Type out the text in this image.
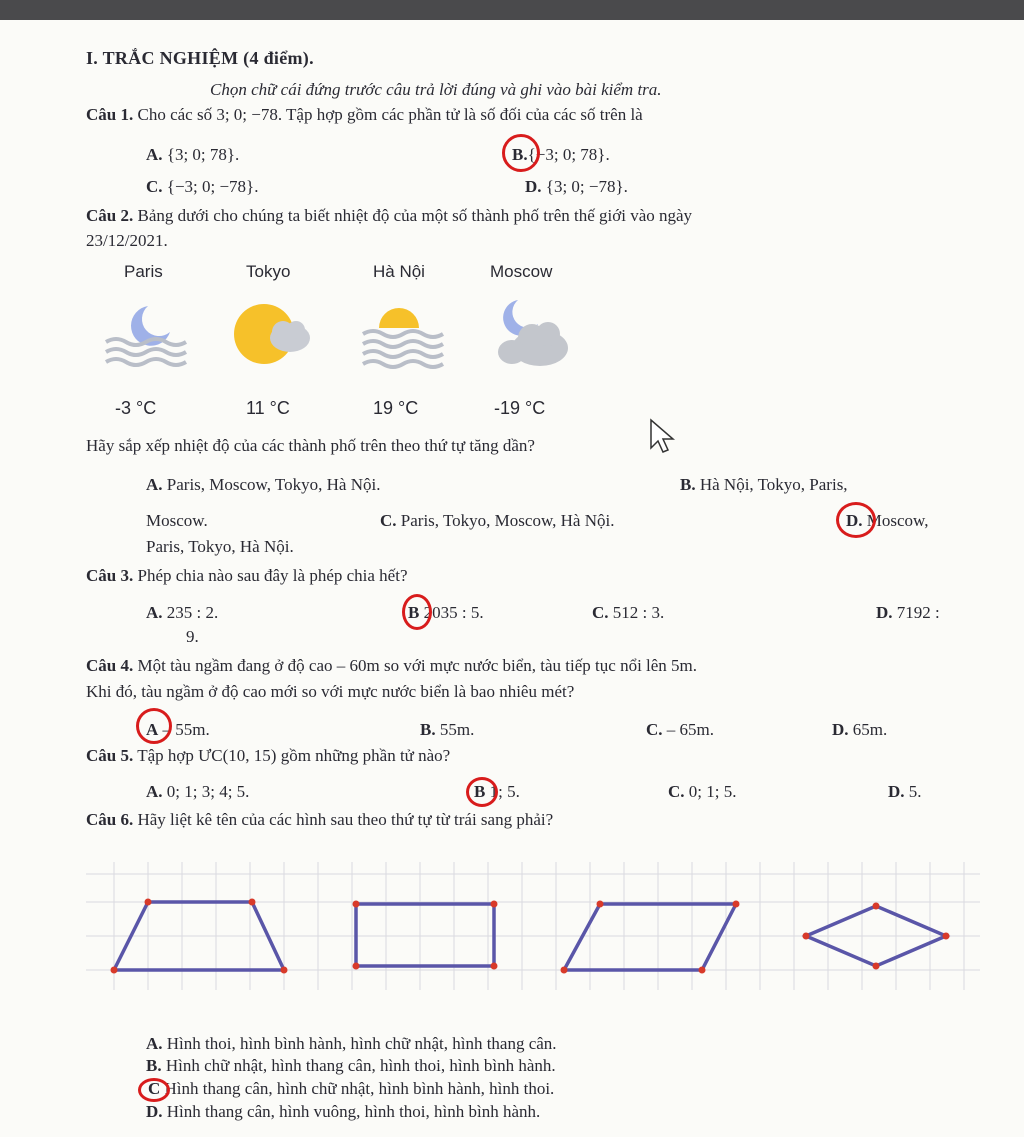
I. TRẮC NGHIỆM (4 điểm).
Chọn chữ cái đứng trước câu trả lời đúng và ghi vào bài kiểm tra.
Câu 1. Cho các số 3; 0; −78. Tập hợp gồm các phần tử là số đối của các số trên là
A. {3; 0; 78}.	B.{−3; 0; 78}.
C. {−3; 0; −78}.	D. {3; 0; −78}.
Câu 2. Bảng dưới cho chúng ta biết nhiệt độ của một số thành phố trên thế giới vào ngày
23/12/2021.
Paris	Tokyo	Hà Nội	Moscow
-3 °C	11 °C	19 °C	-19 °C
Hãy sắp xếp nhiệt độ của các thành phố trên theo thứ tự tăng dần?
A. Paris, Moscow, Tokyo, Hà Nội.	B. Hà Nội, Tokyo, Paris,
Moscow.	C. Paris, Tokyo, Moscow, Hà Nội.	D. Moscow,
Paris, Tokyo, Hà Nội.
Câu 3. Phép chia nào sau đây là phép chia hết?
A. 235 : 2.	B 2035 : 5.	C. 512 : 3.	D. 7192 :
9.
Câu 4. Một tàu ngầm đang ở độ cao – 60m so với mực nước biển, tàu tiếp tục nổi lên 5m.
Khi đó, tàu ngầm ở độ cao mới so với mực nước biển là bao nhiêu mét?
A – 55m.	B. 55m.	C. – 65m.	D. 65m.
Câu 5. Tập hợp ƯC(10, 15) gồm những phần tử nào?
A. 0; 1; 3; 4; 5.	B 1; 5.	C. 0; 1; 5.	D. 5.
Câu 6. Hãy liệt kê tên của các hình sau theo thứ tự từ trái sang phải?
A. Hình thoi, hình bình hành, hình chữ nhật, hình thang cân.
B. Hình chữ nhật, hình thang cân, hình thoi, hình bình hành.
C Hình thang cân, hình chữ nhật, hình bình hành, hình thoi.
D. Hình thang cân, hình vuông, hình thoi, hình bình hành.
